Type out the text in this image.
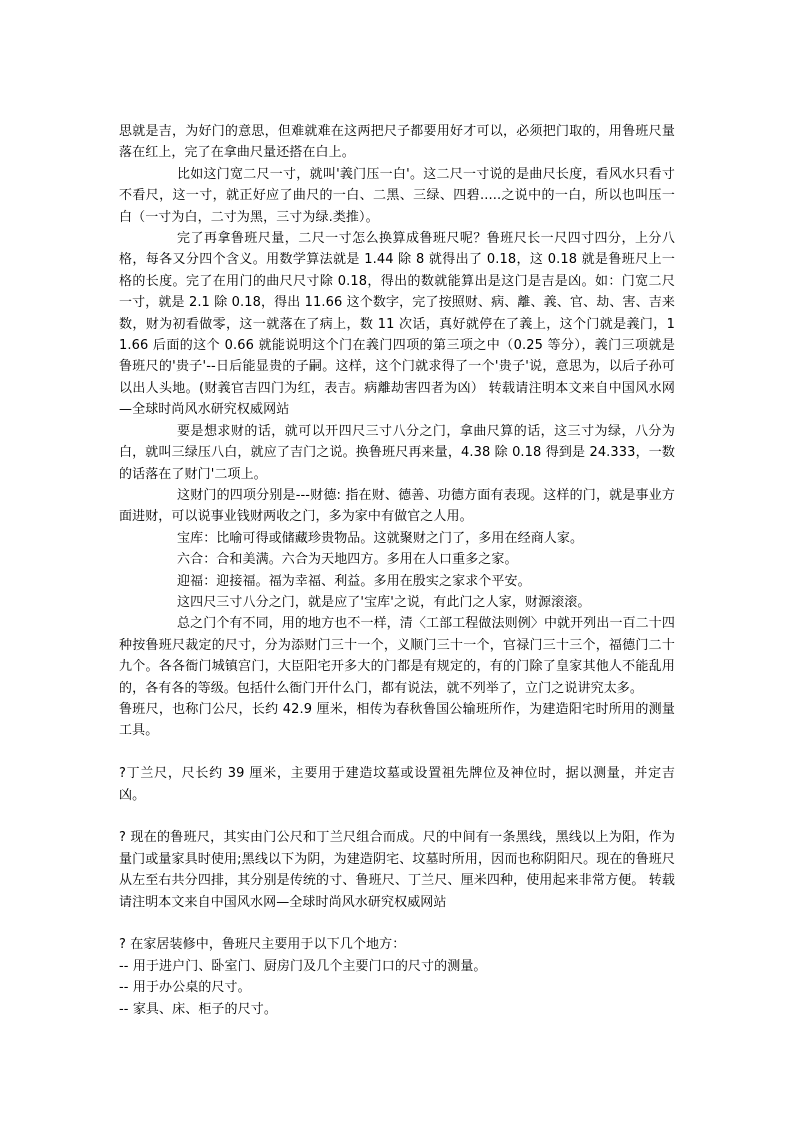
思就是吉，为好门的意思，但难就难在这两把尺子都要用好才可以，必须把门取的，用鲁班尺量落在红上，完了在拿曲尺量还搭在白上。

比如这门宽二尺一寸，就叫'義门压一白'。这二尺一寸说的是曲尺长度，看风水只看寸不看尺，这一寸，就正好应了曲尺的一白、二黑、三绿、四碧.....之说中的一白，所以也叫压一白（一寸为白，二寸为黑，三寸为绿.类推）。

完了再拿鲁班尺量，二尺一寸怎么换算成鲁班尺呢？鲁班尺长一尺四寸四分，上分八格，每各又分四个含义。用数学算法就是 1.44 除 8 就得出了 0.18，这 0.18 就是鲁班尺上一格的长度。完了在用门的曲尺尺寸除 0.18，得出的数就能算出是这门是吉是凶。如：门宽二尺一寸，就是 2.1 除 0.18，得出 11.66 这个数字，完了按照财、病、離、義、官、劫、害、吉来数，财为初看做零，这一就落在了病上，数 11 次话，真好就停在了義上，这个门就是義门，11.66 后面的这个 0.66 就能说明这个门在義门四项的第三项之中（0.25 等分），義门三项就是鲁班尺的'贵子'--日后能显贵的子嗣。这样，这个门就求得了一个'贵子'说，意思为，以后子孙可以出人头地。(财義官吉四门为红，表吉。病離劫害四者为凶） 转载请注明本文来自中国风水网—全球时尚风水研究权威网站

要是想求财的话，就可以开四尺三寸八分之门，拿曲尺算的话，这三寸为绿，八分为白，就叫三绿压八白，就应了吉门之说。换鲁班尺再来量，4.38 除 0.18 得到是 24.333，一数的话落在了财门'二项上。

这财门的四项分别是---财德: 指在财、德善、功德方面有表现。这样的门，就是事业方面进财，可以说事业钱财两收之门，多为家中有做官之人用。

宝库：比喻可得或储藏珍贵物品。这就聚财之门了，多用在经商人家。

六合：合和美满。六合为天地四方。多用在人口重多之家。

迎福：迎接福。福为幸福、利益。多用在殷实之家求个平安。

这四尺三寸八分之门，就是应了'宝库'之说，有此门之人家，财源滚滚。

总之门个有不同，用的地方也不一样，清〈工部工程做法则例〉中就开列出一百二十四种按鲁班尺裁定的尺寸，分为添财门三十一个，义顺门三十一个，官禄门三十三个，福德门二十九个。各各衙门城镇宫门，大臣阳宅开多大的门都是有规定的，有的门除了皇家其他人不能乱用的，各有各的等级。包括什么衙门开什么门，都有说法，就不列举了，立门之说讲究太多。

鲁班尺，也称门公尺，长约 42.9 厘米，相传为春秋鲁国公输班所作，为建造阳宅时所用的测量工具。

?丁兰尺，尺长约 39 厘米，主要用于建造坟墓或设置祖先牌位及神位时，据以测量，并定吉凶。

? 现在的鲁班尺，其实由门公尺和丁兰尺组合而成。尺的中间有一条黑线，黑线以上为阳，作为量门或量家具时使用;黑线以下为阴，为建造阴宅、坟墓时所用，因而也称阴阳尺。现在的鲁班尺从左至右共分四排，其分别是传统的寸、鲁班尺、丁兰尺、厘米四种，使用起来非常方便。 转载请注明本文来自中国风水网—全球时尚风水研究权威网站

? 在家居装修中，鲁班尺主要用于以下几个地方：

-- 用于进户门、卧室门、厨房门及几个主要门口的尺寸的测量。

-- 用于办公桌的尺寸。

-- 家具、床、柜子的尺寸。
